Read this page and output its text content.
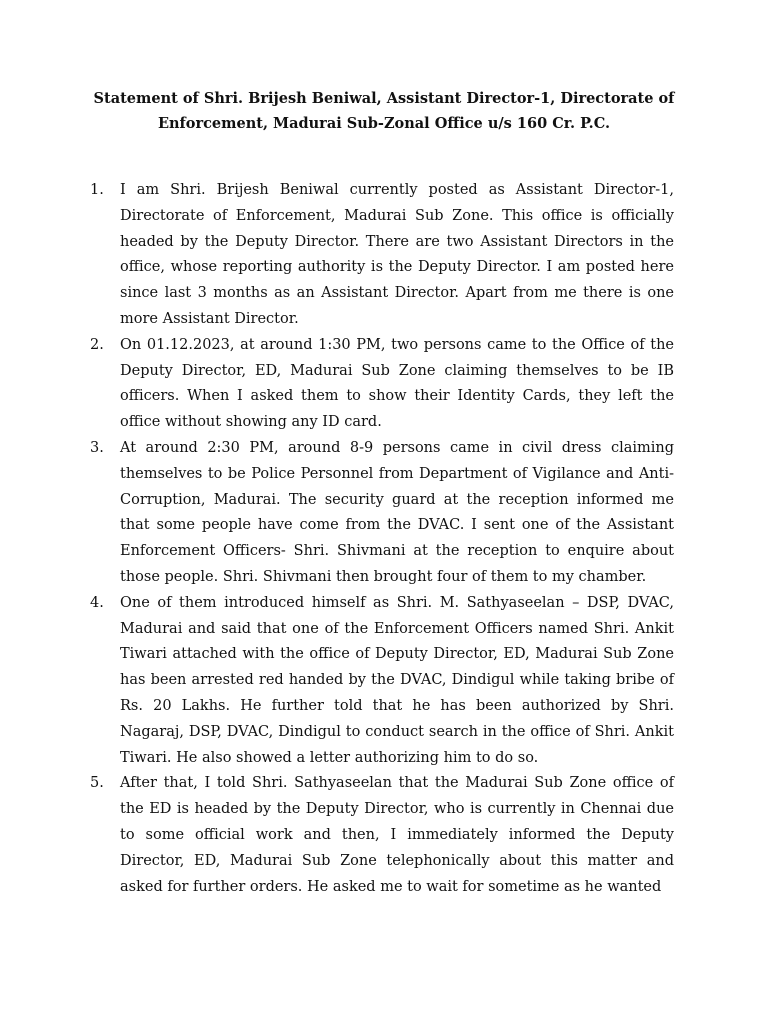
Statement of Shri. Brijesh Beniwal, Assistant Director-1, Directorate of
Enforcement, Madurai Sub-Zonal Office u/s 160 Cr. P.C.
1. I am Shri. Brijesh Beniwal currently posted as Assistant Director-1, Directorate of Enforcement, Madurai Sub Zone. This office is officially headed by the Deputy Director. There are two Assistant Directors in the office, whose reporting authority is the Deputy Director. I am posted here since last 3 months as an Assistant Director. Apart from me there is one more Assistant Director.
2. On 01.12.2023, at around 1:30 PM, two persons came to the Office of the Deputy Director, ED, Madurai Sub Zone claiming themselves to be IB officers. When I asked them to show their Identity Cards, they left the office without showing any ID card.
3. At around 2:30 PM, around 8-9 persons came in civil dress claiming themselves to be Police Personnel from Department of Vigilance and Anti-Corruption, Madurai. The security guard at the reception informed me that some people have come from the DVAC. I sent one of the Assistant Enforcement Officers- Shri. Shivmani at the reception to enquire about those people. Shri. Shivmani then brought four of them to my chamber.
4. One of them introduced himself as Shri. M. Sathyaseelan – DSP, DVAC, Madurai and said that one of the Enforcement Officers named Shri. Ankit Tiwari attached with the office of Deputy Director, ED, Madurai Sub Zone has been arrested red handed by the DVAC, Dindigul while taking bribe of Rs. 20 Lakhs. He further told that he has been authorized by Shri. Nagaraj, DSP, DVAC, Dindigul to conduct search in the office of Shri. Ankit Tiwari. He also showed a letter authorizing him to do so.
5. After that, I told Shri. Sathyaseelan that the Madurai Sub Zone office of the ED is headed by the Deputy Director, who is currently in Chennai due to some official work and then, I immediately informed the Deputy Director, ED, Madurai Sub Zone telephonically about this matter and asked for further orders. He asked me to wait for sometime as he wanted
